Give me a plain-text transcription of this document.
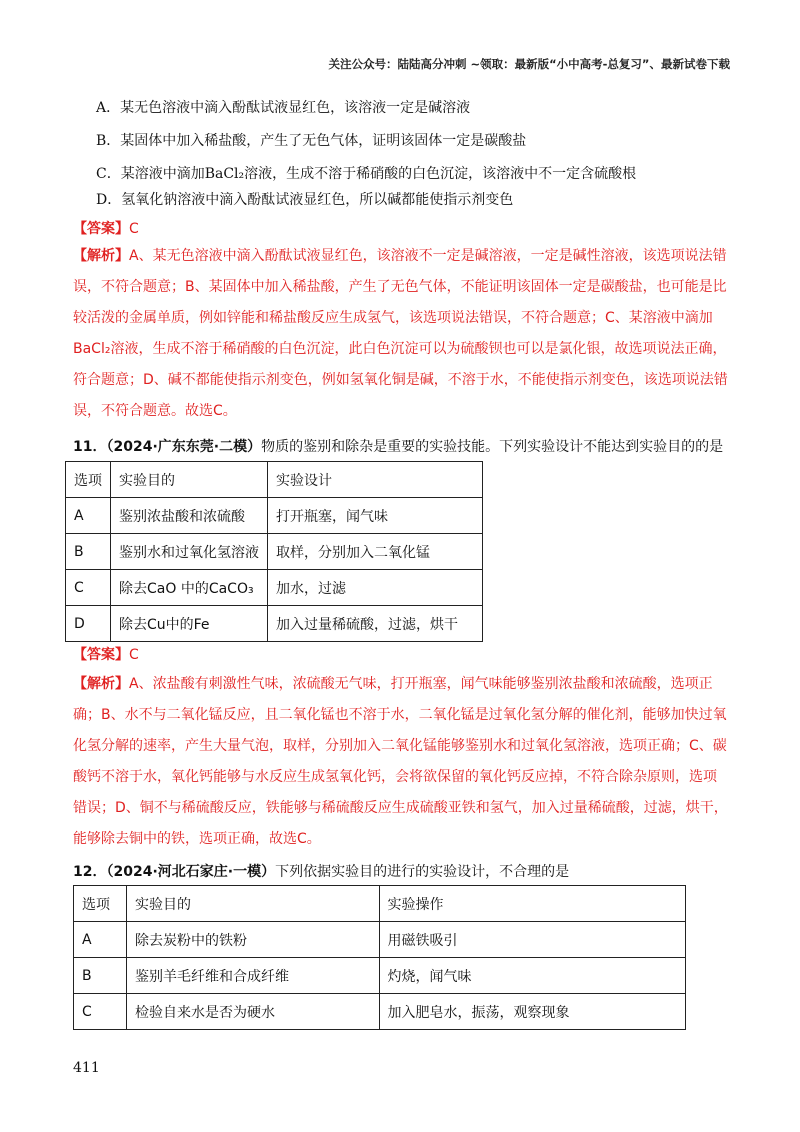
关注公众号：陆陆高分冲刺 ~领取：最新版“小中高考-总复习”、最新试卷下载
A．某无色溶液中滴入酚酞试液显红色，该溶液一定是碱溶液
B．某固体中加入稀盐酸，产生了无色气体，证明该固体一定是碳酸盐
C．某溶液中滴加BaCl₂溶液，生成不溶于稀硝酸的白色沉淀，该溶液中不一定含硫酸根
D．氢氧化钠溶液中滴入酚酞试液显红色，所以碱都能使指示剂变色
【答案】C
【解析】A、某无色溶液中滴入酚酞试液显红色，该溶液不一定是碱溶液，一定是碱性溶液，该选项说法错误，不符合题意；B、某固体中加入稀盐酸，产生了无色气体，不能证明该固体一定是碳酸盐，也可能是比较活泼的金属单质，例如锌能和稀盐酸反应生成氢气，该选项说法错误，不符合题意；C、某溶液中滴加BaCl₂溶液，生成不溶于稀硝酸的白色沉淀，此白色沉淀可以为硫酸钡也可以是氯化银，故选项说法正确，符合题意；D、碱不都能使指示剂变色，例如氢氧化铜是碱，不溶于水，不能使指示剂变色，该选项说法错误，不符合题意。故选C。
11．（2024·广东东莞·二模）物质的鉴别和除杂是重要的实验技能。下列实验设计不能达到实验目的的是
选项	实验目的	实验设计
A	鉴别浓盐酸和浓硫酸	打开瓶塞，闻气味
B	鉴别水和过氧化氢溶液	取样，分别加入二氧化锰
C	除去CaO 中的CaCO₃	加水，过滤
D	除去Cu中的Fe	加入过量稀硫酸，过滤，烘干
【答案】C
【解析】A、浓盐酸有刺激性气味，浓硫酸无气味，打开瓶塞，闻气味能够鉴别浓盐酸和浓硫酸，选项正确；B、水不与二氧化锰反应，且二氧化锰也不溶于水，二氧化锰是过氧化氢分解的催化剂，能够加快过氧化氢分解的速率，产生大量气泡，取样，分别加入二氧化锰能够鉴别水和过氧化氢溶液，选项正确；C、碳酸钙不溶于水，氧化钙能够与水反应生成氢氧化钙，会将欲保留的氧化钙反应掉，不符合除杂原则，选项错误；D、铜不与稀硫酸反应，铁能够与稀硫酸反应生成硫酸亚铁和氢气，加入过量稀硫酸，过滤，烘干，能够除去铜中的铁，选项正确，故选C。
12．（2024·河北石家庄·一模）下列依据实验目的进行的实验设计，不合理的是
选项	实验目的	实验操作
A	除去炭粉中的铁粉	用磁铁吸引
B	鉴别羊毛纤维和合成纤维	灼烧，闻气味
C	检验自来水是否为硬水	加入肥皂水，振荡，观察现象
411
